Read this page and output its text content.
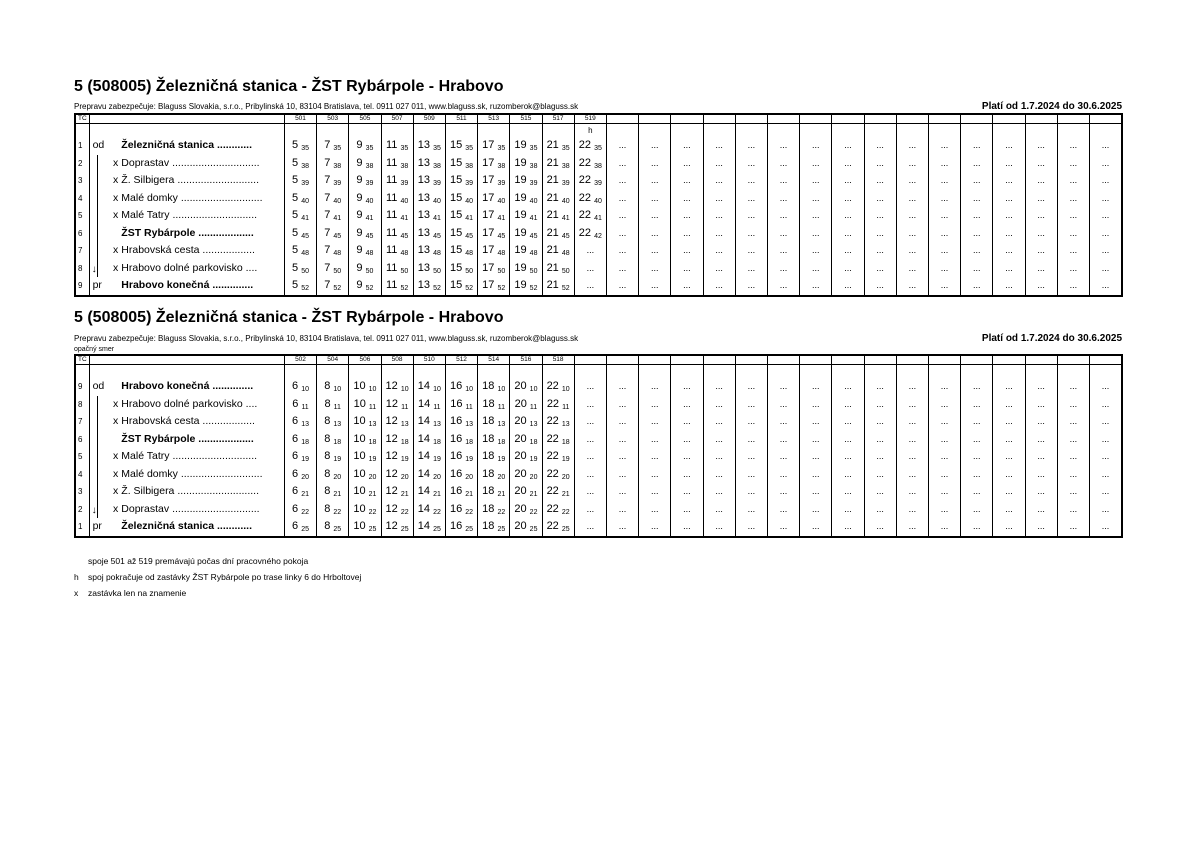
5 (508005) Železničná stanica - ŽST Rybárpole - Hrabovo
Prepravu zabezpečuje: Blaguss Slovakia, s.r.o., Pribylinská 10, 83104 Bratislava, tel. 0911 027 011, www.blaguss.sk, ruzomberok@blaguss.sk	Platí od 1.7.2024 do 30.6.2025
TČ				501	503	505	507	509	511	513	515	517	519																
													h																
1	od		Železničná stanica ............	5 $_{35}$	7 $_{35}$	9 $_{35}$	11 $_{35}$	13 $_{35}$	15 $_{35}$	17 $_{35}$	19 $_{35}$	21 $_{35}$	22 $_{35}$	...	...	...	...	...	...	...	...	...	...	...	...	...	...	...	...
2		x	Doprastav ..............................	5 $_{38}$	7 $_{38}$	9 $_{38}$	11 $_{38}$	13 $_{38}$	15 $_{38}$	17 $_{38}$	19 $_{38}$	21 $_{38}$	22 $_{38}$	...	...	...	...	...	...	...	...	...	...	...	...	...	...	...	...
3		x	Ž. Silbigera ............................	5 $_{39}$	7 $_{39}$	9 $_{39}$	11 $_{39}$	13 $_{39}$	15 $_{39}$	17 $_{39}$	19 $_{39}$	21 $_{39}$	22 $_{39}$	...	...	...	...	...	...	...	...	...	...	...	...	...	...	...	...
4		x	Malé domky ............................	5 $_{40}$	7 $_{40}$	9 $_{40}$	11 $_{40}$	13 $_{40}$	15 $_{40}$	17 $_{40}$	19 $_{40}$	21 $_{40}$	22 $_{40}$	...	...	...	...	...	...	...	...	...	...	...	...	...	...	...	...
5		x	Malé Tatry .............................	5 $_{41}$	7 $_{41}$	9 $_{41}$	11 $_{41}$	13 $_{41}$	15 $_{41}$	17 $_{41}$	19 $_{41}$	21 $_{41}$	22 $_{41}$	...	...	...	...	...	...	...	...	...	...	...	...	...	...	...	...
6			ŽST Rybárpole ...................	5 $_{45}$	7 $_{45}$	9 $_{45}$	11 $_{45}$	13 $_{45}$	15 $_{45}$	17 $_{45}$	19 $_{45}$	21 $_{45}$	22 $_{42}$	...	...	...	...	...	...	...	...	...	...	...	...	...	...	...	...
7		x	Hrabovská cesta ..................	5 $_{48}$	7 $_{48}$	9 $_{48}$	11 $_{48}$	13 $_{48}$	15 $_{48}$	17 $_{48}$	19 $_{48}$	21 $_{48}$	...	...	...	...	...	...	...	...	...	...	...	...	...	...	...	...	...
8	↓	x	Hrabovo dolné parkovisko ....	5 $_{50}$	7 $_{50}$	9 $_{50}$	11 $_{50}$	13 $_{50}$	15 $_{50}$	17 $_{50}$	19 $_{50}$	21 $_{50}$	...	...	...	...	...	...	...	...	...	...	...	...	...	...	...	...	...
9	pr		Hrabovo konečná ..............	5 $_{52}$	7 $_{52}$	9 $_{52}$	11 $_{52}$	13 $_{52}$	15 $_{52}$	17 $_{52}$	19 $_{52}$	21 $_{52}$	...	...	...	...	...	...	...	...	...	...	...	...	...	...	...	...	...
5 (508005) Železničná stanica - ŽST Rybárpole - Hrabovo
Prepravu zabezpečuje: Blaguss Slovakia, s.r.o., Pribylinská 10, 83104 Bratislava, tel. 0911 027 011, www.blaguss.sk, ruzomberok@blaguss.sk	Platí od 1.7.2024 do 30.6.2025
opačný smer
TČ				502	504	506	508	510	512	514	516	518																	

9	od		Hrabovo konečná ..............	6 $_{10}$	8 $_{10}$	10 $_{10}$	12 $_{10}$	14 $_{10}$	16 $_{10}$	18 $_{10}$	20 $_{10}$	22 $_{10}$	...	...	...	...	...	...	...	...	...	...	...	...	...	...	...	...	...
8		x	Hrabovo dolné parkovisko ....	6 $_{11}$	8 $_{11}$	10 $_{11}$	12 $_{11}$	14 $_{11}$	16 $_{11}$	18 $_{11}$	20 $_{11}$	22 $_{11}$	...	...	...	...	...	...	...	...	...	...	...	...	...	...	...	...	...
7		x	Hrabovská cesta ..................	6 $_{13}$	8 $_{13}$	10 $_{13}$	12 $_{13}$	14 $_{13}$	16 $_{13}$	18 $_{13}$	20 $_{13}$	22 $_{13}$	...	...	...	...	...	...	...	...	...	...	...	...	...	...	...	...	...
6			ŽST Rybárpole ...................	6 $_{18}$	8 $_{18}$	10 $_{18}$	12 $_{18}$	14 $_{18}$	16 $_{18}$	18 $_{18}$	20 $_{18}$	22 $_{18}$	...	...	...	...	...	...	...	...	...	...	...	...	...	...	...	...	...
5		x	Malé Tatry .............................	6 $_{19}$	8 $_{19}$	10 $_{19}$	12 $_{19}$	14 $_{19}$	16 $_{19}$	18 $_{19}$	20 $_{19}$	22 $_{19}$	...	...	...	...	...	...	...	...	...	...	...	...	...	...	...	...	...
4		x	Malé domky ............................	6 $_{20}$	8 $_{20}$	10 $_{20}$	12 $_{20}$	14 $_{20}$	16 $_{20}$	18 $_{20}$	20 $_{20}$	22 $_{20}$	...	...	...	...	...	...	...	...	...	...	...	...	...	...	...	...	...
3		x	Ž. Silbigera ............................	6 $_{21}$	8 $_{21}$	10 $_{21}$	12 $_{21}$	14 $_{21}$	16 $_{21}$	18 $_{21}$	20 $_{21}$	22 $_{21}$	...	...	...	...	...	...	...	...	...	...	...	...	...	...	...	...	...
2	↓	x	Doprastav ..............................	6 $_{22}$	8 $_{22}$	10 $_{22}$	12 $_{22}$	14 $_{22}$	16 $_{22}$	18 $_{22}$	20 $_{22}$	22 $_{22}$	...	...	...	...	...	...	...	...	...	...	...	...	...	...	...	...	...
1	pr		Železničná stanica ............	6 $_{25}$	8 $_{25}$	10 $_{25}$	12 $_{25}$	14 $_{25}$	16 $_{25}$	18 $_{25}$	20 $_{25}$	22 $_{25}$	...	...	...	...	...	...	...	...	...	...	...	...	...	...	...	...	...
spoje 501 až 519 premávajú počas dní pracovného pokoja
h spoj pokračuje od zastávky ŽST Rybárpole po trase linky 6 do Hrboltovej
x zastávka len na znamenie
